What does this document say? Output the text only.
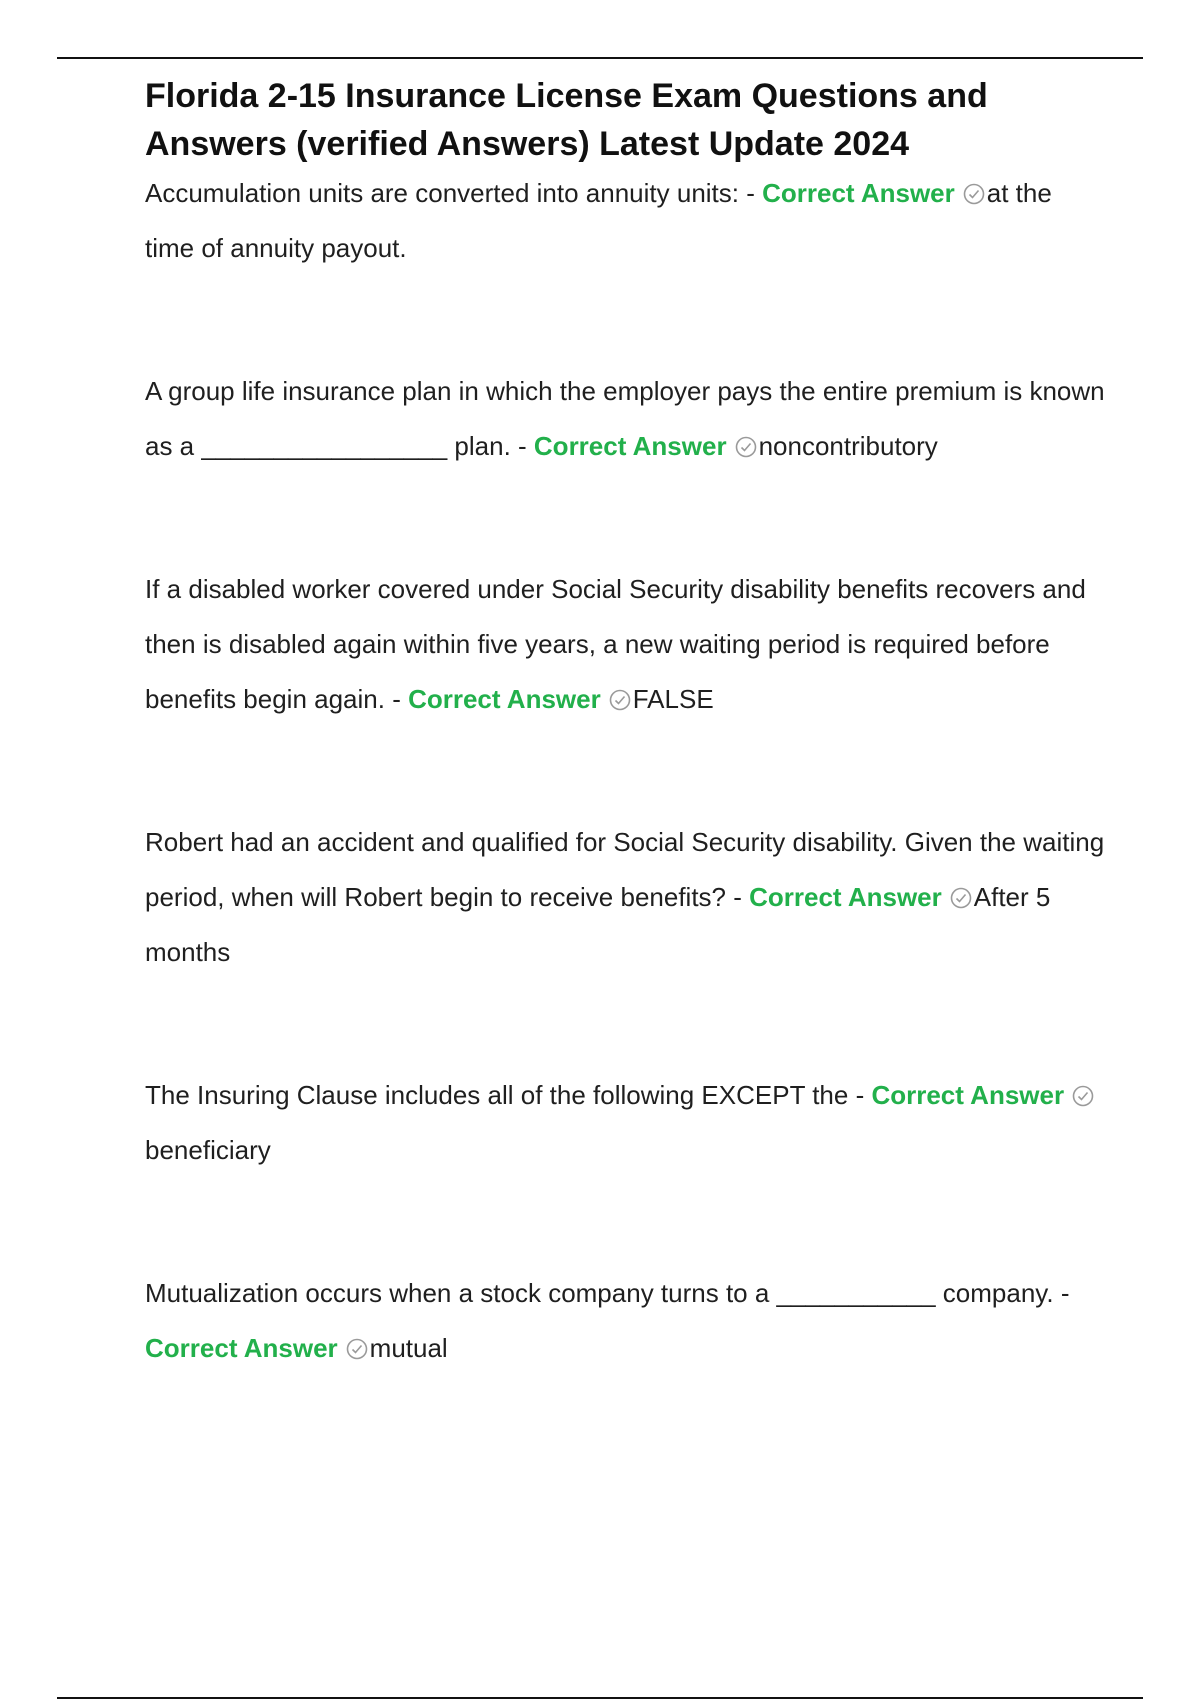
Florida 2-15 Insurance License Exam Questions and Answers (verified Answers) Latest Update 2024

Accumulation units are converted into annuity units: - Correct Answer at the time of annuity payout.

A group life insurance plan in which the employer pays the entire premium is known as a _________________ plan. - Correct Answer noncontributory

If a disabled worker covered under Social Security disability benefits recovers and then is disabled again within five years, a new waiting period is required before benefits begin again. - Correct Answer FALSE

Robert had an accident and qualified for Social Security disability. Given the waiting period, when will Robert begin to receive benefits? - Correct Answer After 5 months

The Insuring Clause includes all of the following EXCEPT the - Correct Answer
beneficiary

Mutualization occurs when a stock company turns to a ___________ company. - Correct Answer mutual
